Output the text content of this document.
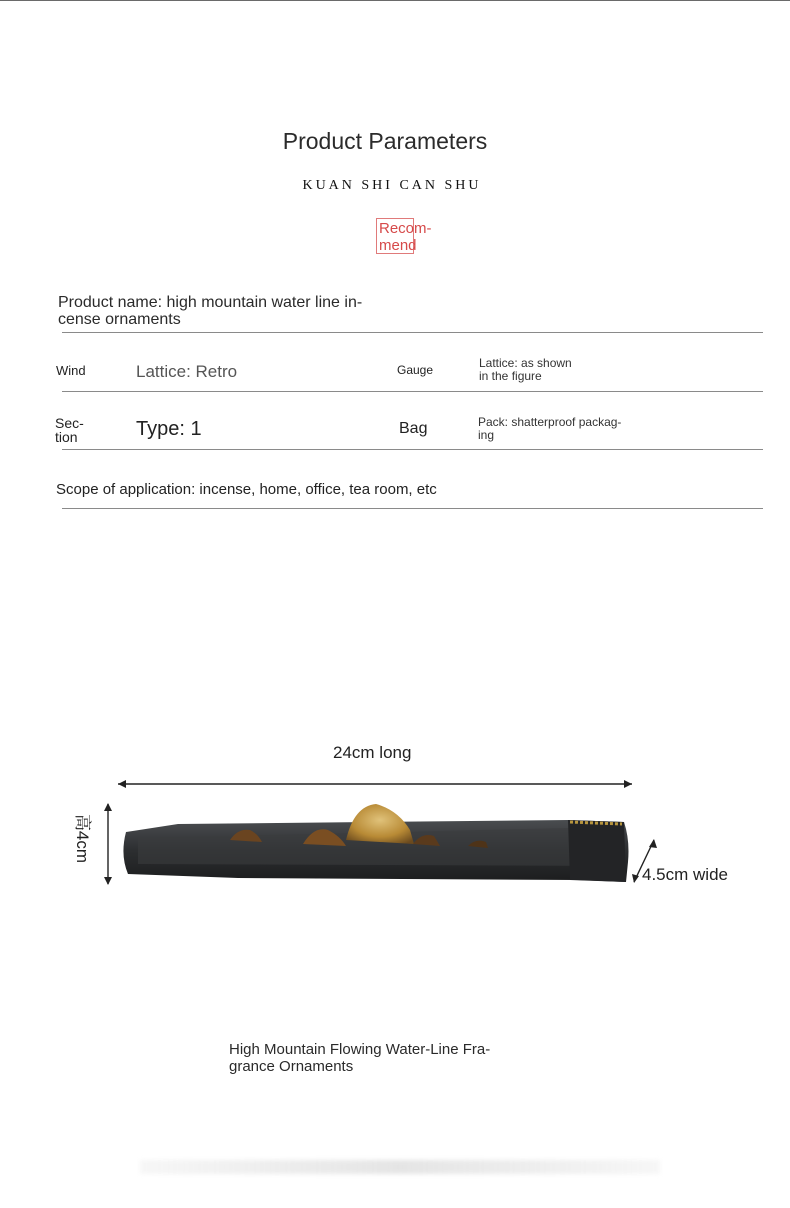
Product Parameters
KUAN SHI CAN SHU
Recom-
mend
Product name: high mountain water line in-
cense ornaments
Wind	Lattice: Retro	Gauge	Lattice: as shown
in the figure
Sec-
tion	Type: 1	Bag	Pack: shatterproof packag-
ing
Scope of application: incense, home, office, tea room, etc
24cm long
高4cm
4.5cm wide
High Mountain Flowing Water-Line Fra-
grance Ornaments
